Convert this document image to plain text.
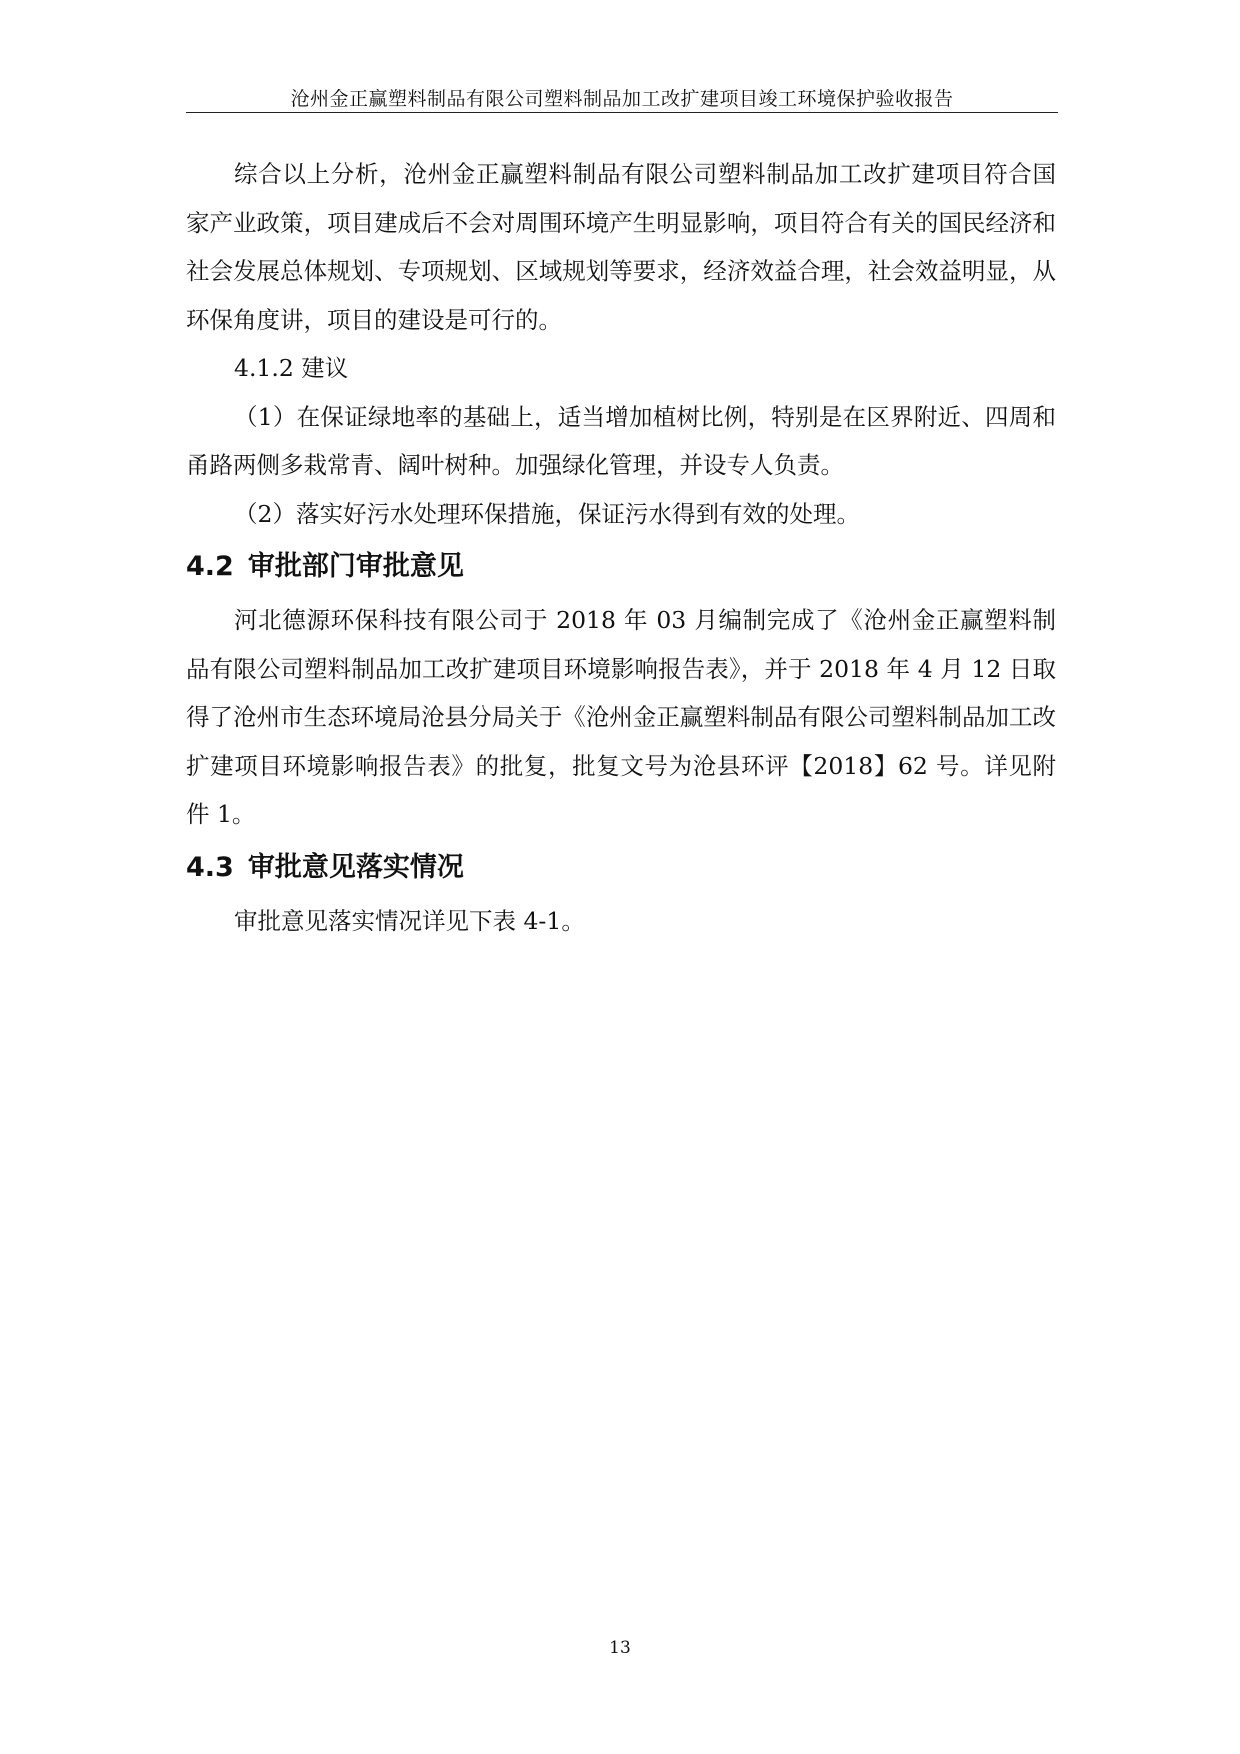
沧州金正赢塑料制品有限公司塑料制品加工改扩建项目竣工环境保护验收报告

综合以上分析，沧州金正赢塑料制品有限公司塑料制品加工改扩建项目符合国家产业政策，项目建成后不会对周围环境产生明显影响，项目符合有关的国民经济和社会发展总体规划、专项规划、区域规划等要求，经济效益合理，社会效益明显，从环保角度讲，项目的建设是可行的。

4.1.2 建议

（1）在保证绿地率的基础上，适当增加植树比例，特别是在区界附近、四周和甬路两侧多栽常青、阔叶树种。加强绿化管理，并设专人负责。

（2）落实好污水处理环保措施，保证污水得到有效的处理。

4.2 审批部门审批意见

河北德源环保科技有限公司于 2018 年 03 月编制完成了《沧州金正赢塑料制品有限公司塑料制品加工改扩建项目环境影响报告表》，并于 2018 年 4 月 12 日取得了沧州市生态环境局沧县分局关于《沧州金正赢塑料制品有限公司塑料制品加工改扩建项目环境影响报告表》的批复，批复文号为沧县环评【2018】62 号。详见附件 1。

4.3 审批意见落实情况

审批意见落实情况详见下表 4-1。

13
